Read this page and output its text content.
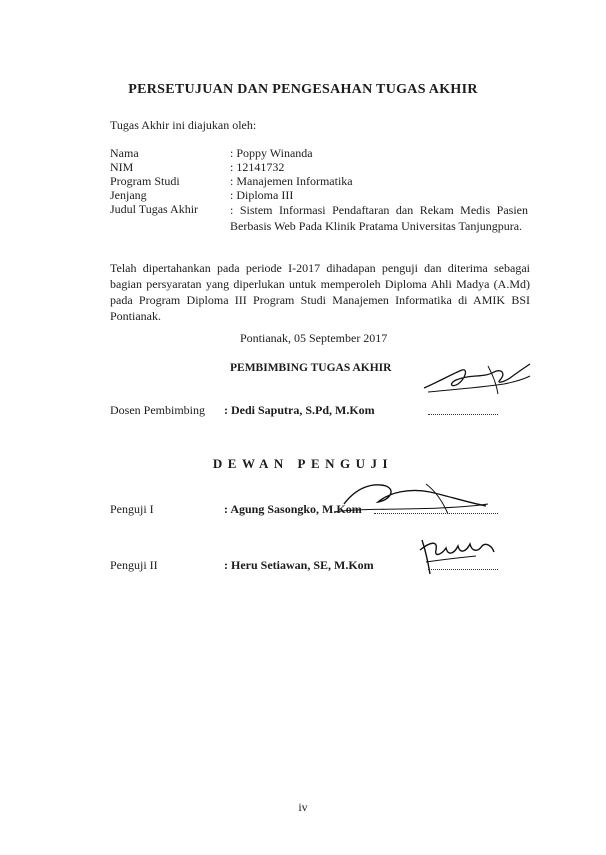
PERSETUJUAN DAN PENGESAHAN TUGAS AKHIR
Tugas Akhir ini diajukan oleh:
Nama	: Poppy Winanda
NIM	: 12141732
Program Studi	: Manajemen Informatika
Jenjang	: Diploma III
Judul Tugas Akhir	: Sistem Informasi Pendaftaran dan Rekam Medis Pasien Berbasis Web Pada Klinik Pratama Universitas Tanjungpura.
Telah dipertahankan pada periode I-2017 dihadapan penguji dan diterima sebagai bagian persyaratan yang diperlukan untuk memperoleh Diploma Ahli Madya (A.Md) pada Program Diploma III Program Studi Manajemen Informatika di AMIK BSI Pontianak.
Pontianak, 05 September 2017
PEMBIMBING TUGAS AKHIR
Dosen Pembimbing : Dedi Saputra, S.Pd, M.Kom
DEWAN PENGUJI
Penguji I	: Agung Sasongko, M.Kom
Penguji II	: Heru Setiawan, SE, M.Kom
iv
